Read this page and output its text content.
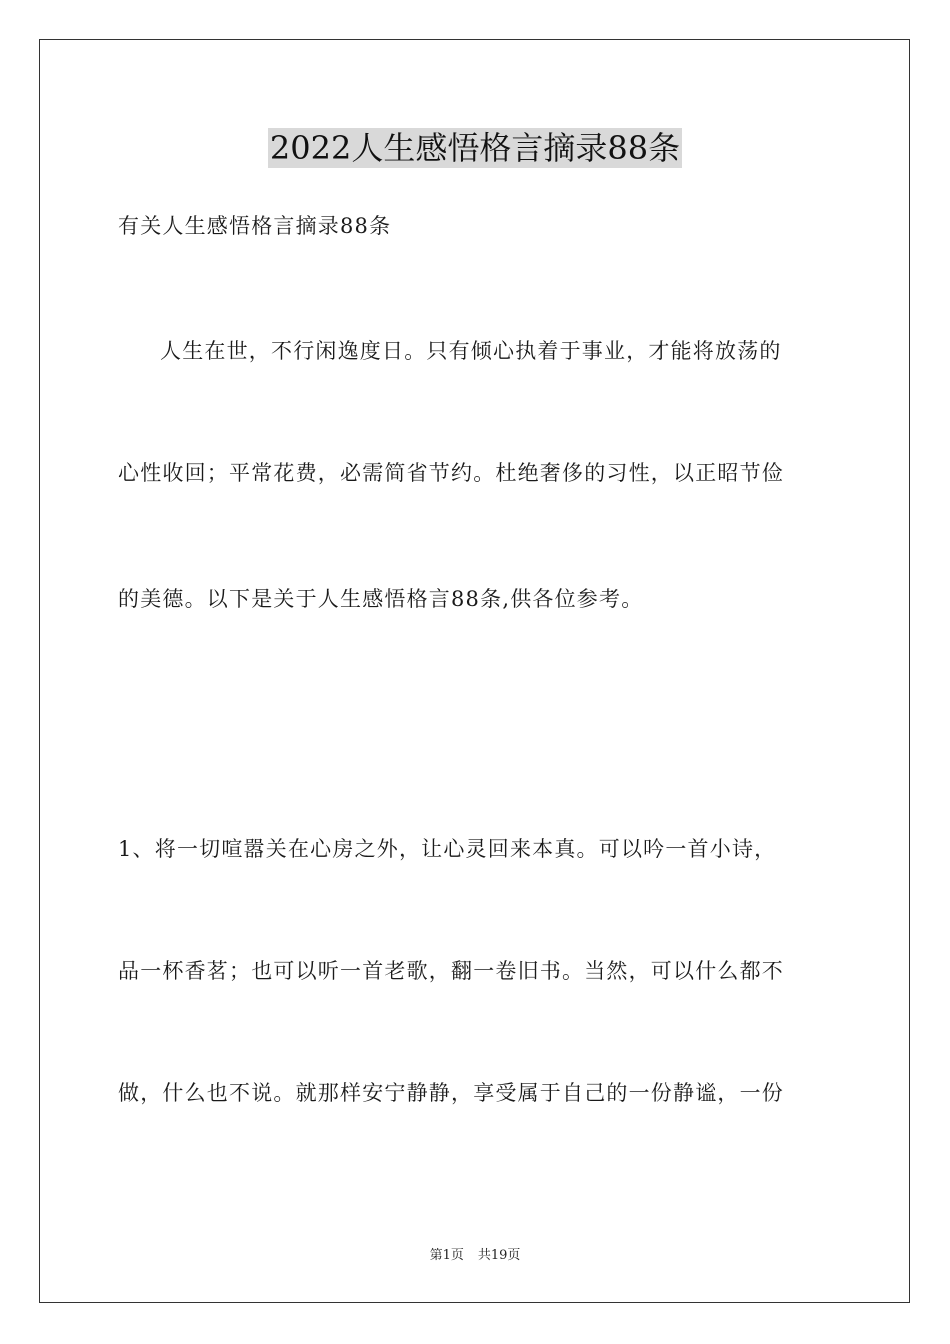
2022人生感悟格言摘录88条
有关人生感悟格言摘录88条
人生在世，不行闲逸度日。只有倾心执着于事业，才能将放荡的
心性收回；平常花费，必需简省节约。杜绝奢侈的习性，以正昭节俭
的美德。以下是关于人生感悟格言88条,供各位参考。
1、将一切喧嚣关在心房之外，让心灵回来本真。可以吟一首小诗，
品一杯香茗；也可以听一首老歌，翻一卷旧书。当然，可以什么都不
做，什么也不说。就那样安宁静静，享受属于自己的一份静谧，一份
第1页 共19页
